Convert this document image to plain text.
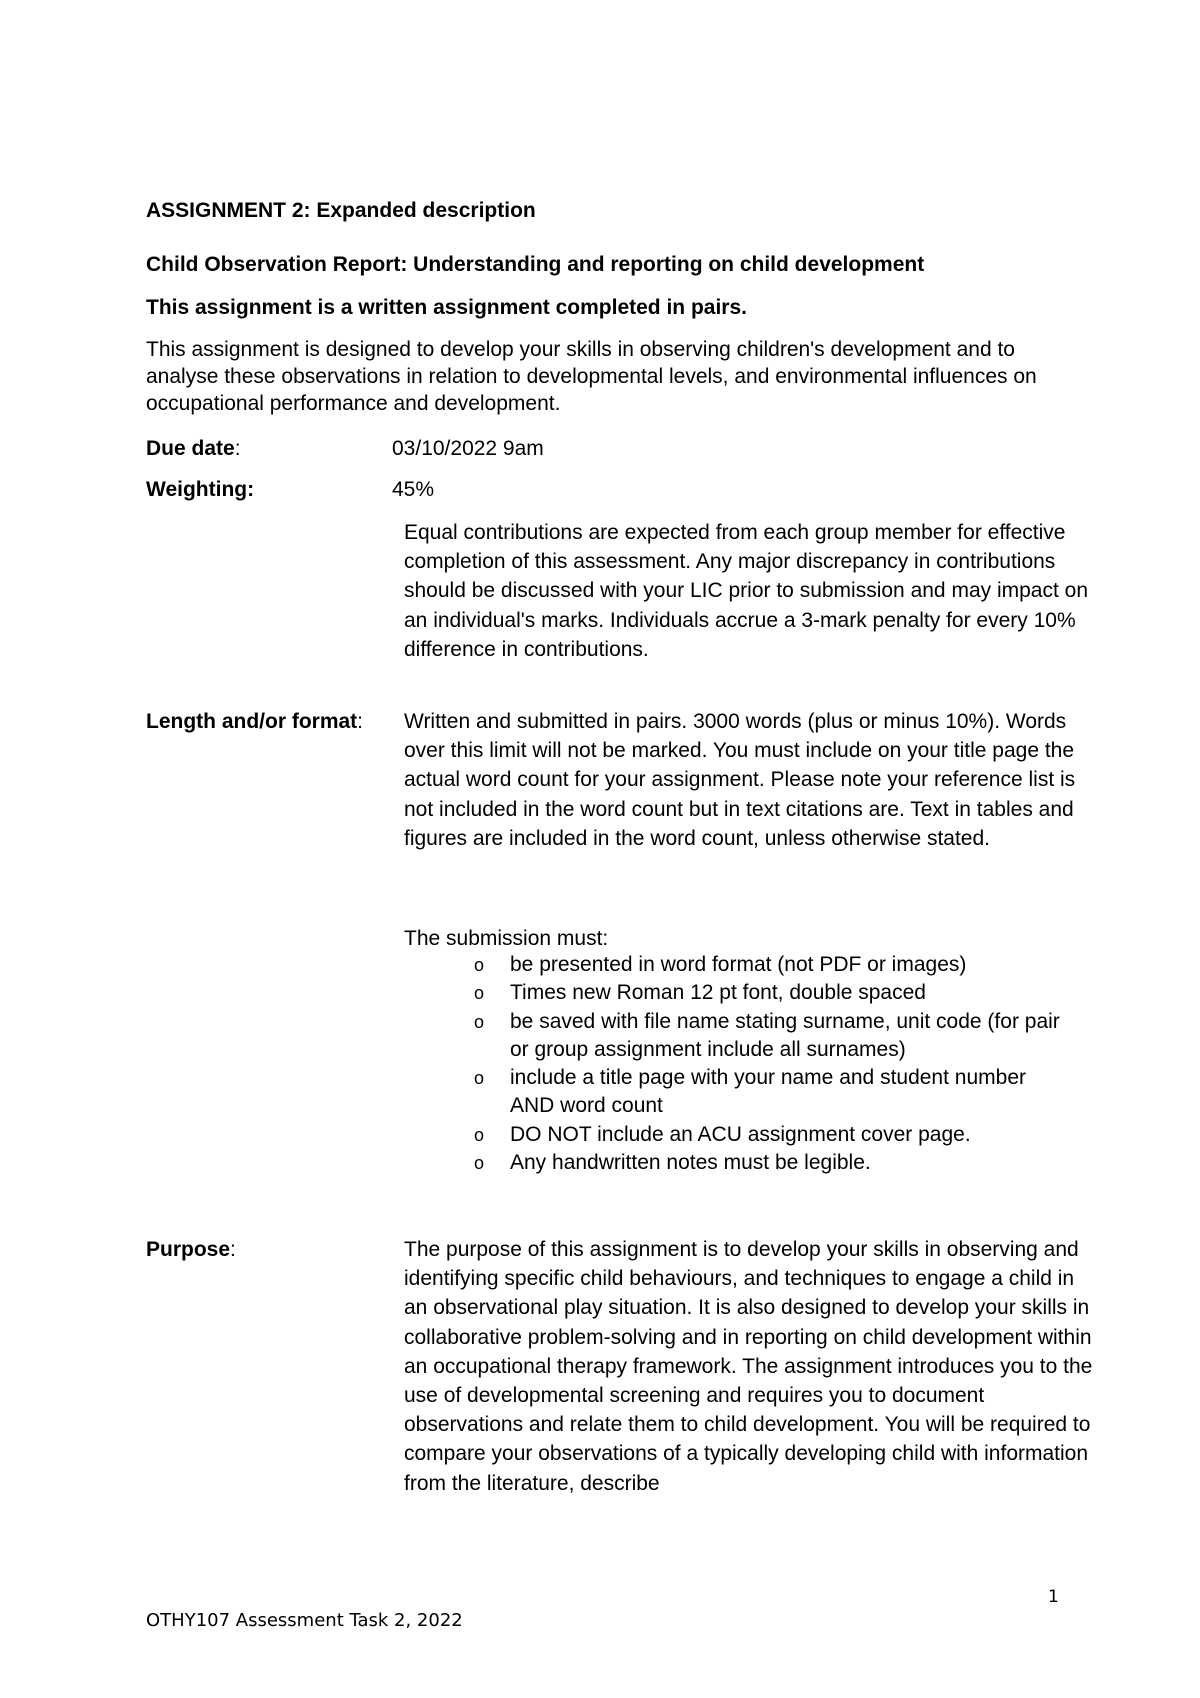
ASSIGNMENT 2: Expanded description
Child Observation Report: Understanding and reporting on child development
This assignment is a written assignment completed in pairs.
This assignment is designed to develop your skills in observing children's development and to analyse these observations in relation to developmental levels, and environmental influences on occupational performance and development.
Due date:	03/10/2022 9am
Weighting:	45%

Equal contributions are expected from each group member for effective completion of this assessment. Any major discrepancy in contributions should be discussed with your LIC prior to submission and may impact on an individual's marks. Individuals accrue a 3-mark penalty for every 10% difference in contributions.

Length and/or format: Written and submitted in pairs. 3000 words (plus or minus 10%). Words over this limit will not be marked. You must include on your title page the actual word count for your assignment. Please note your reference list is not included in the word count but in text citations are. Text in tables and figures are included in the word count, unless otherwise stated.

The submission must:

o be presented in word format (not PDF or images)
o Times new Roman 12 pt font, double spaced
o be saved with file name stating surname, unit code (for pair or group assignment include all surnames)
o include a title page with your name and student number AND word count
o DO NOT include an ACU assignment cover page.
o Any handwritten notes must be legible.
Purpose:	The purpose of this assignment is to develop your skills in observing and identifying specific child behaviours, and techniques to engage a child in an observational play situation. It is also designed to develop your skills in collaborative problem-solving and in reporting on child development within an occupational therapy framework. The assignment introduces you to the use of developmental screening and requires you to document observations and relate them to child development. You will be required to compare your observations of a typically developing child with information from the literature, describe

1
OTHY107 Assessment Task 2, 2022
